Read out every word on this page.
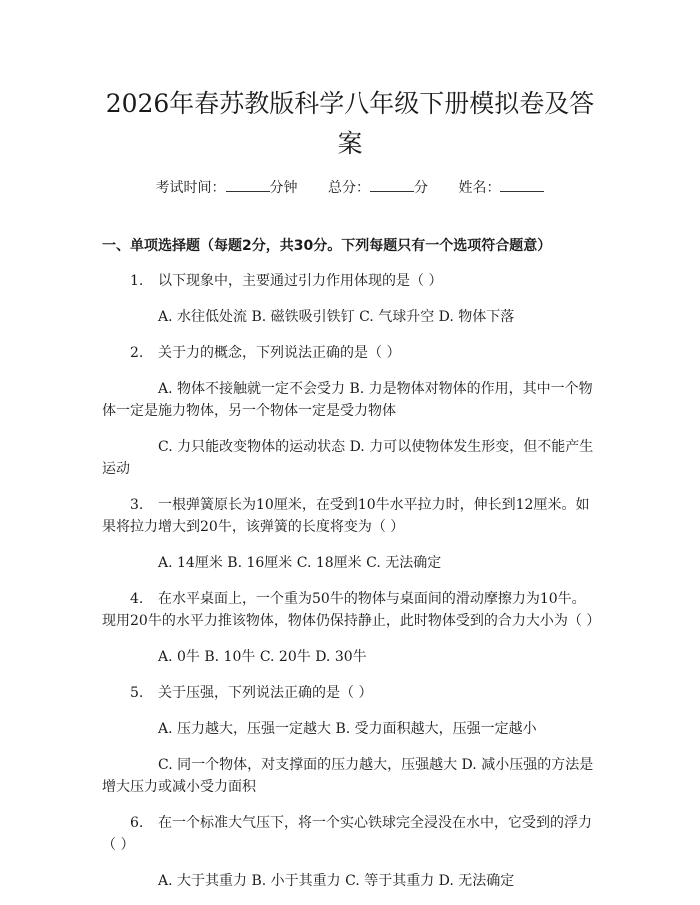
2026年春苏教版科学八年级下册模拟卷及答案
考试时间：	分钟 总分：	分 姓名：
一、单项选择题（每题2分，共30分。下列每题只有一个选项符合题意）
1. 以下现象中，主要通过引力作用体现的是（ ）
A. 水往低处流 B. 磁铁吸引铁钉 C. 气球升空 D. 物体下落
2. 关于力的概念，下列说法正确的是（ ）
A. 物体不接触就一定不会受力 B. 力是物体对物体的作用，其中一个物体一定是施力物体，另一个物体一定是受力物体
C. 力只能改变物体的运动状态 D. 力可以使物体发生形变，但不能产生运动
3. 一根弹簧原长为10厘米，在受到10牛水平拉力时，伸长到12厘米。如果将拉力增大到20牛，该弹簧的长度将变为（ ）
A. 14厘米 B. 16厘米 C. 18厘米 C. 无法确定
4. 在水平桌面上，一个重为50牛的物体与桌面间的滑动摩擦力为10牛。现用20牛的水平力推该物体，物体仍保持静止，此时物体受到的合力大小为（ ）
A. 0牛 B. 10牛 C. 20牛 D. 30牛
5. 关于压强，下列说法正确的是（ ）
A. 压力越大，压强一定越大 B. 受力面积越大，压强一定越小
C. 同一个物体，对支撑面的压力越大，压强越大 D. 减小压强的方法是增大压力或减小受力面积
6. 在一个标准大气压下，将一个实心铁球完全浸没在水中，它受到的浮力（ ）
A. 大于其重力 B. 小于其重力 C. 等于其重力 D. 无法确定
